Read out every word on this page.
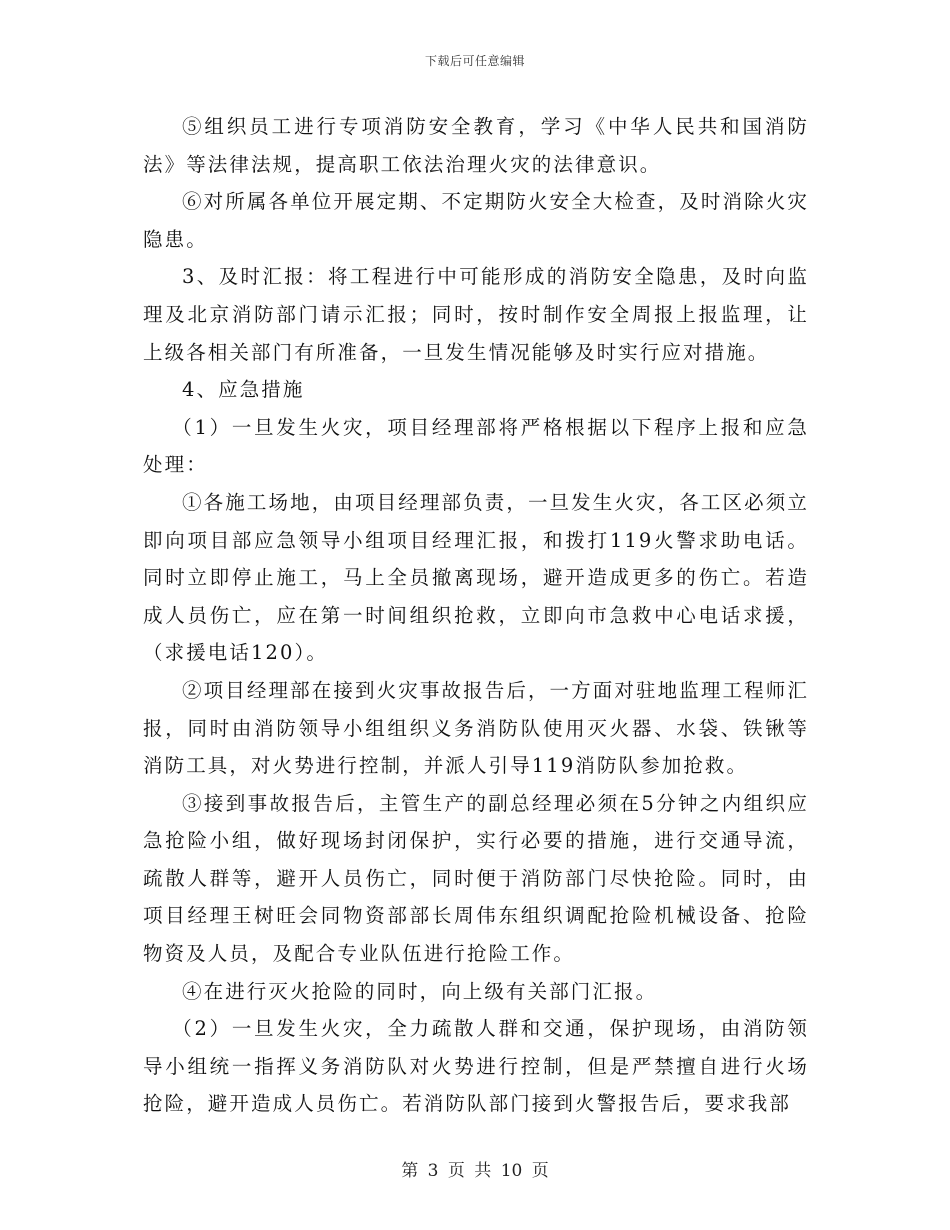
下载后可任意编辑

⑤组织员工进行专项消防安全教育，学习《中华人民共和国消防法》等法律法规，提高职工依法治理火灾的法律意识。

⑥对所属各单位开展定期、不定期防火安全大检查，及时消除火灾隐患。

3、及时汇报：将工程进行中可能形成的消防安全隐患，及时向监理及北京消防部门请示汇报；同时，按时制作安全周报上报监理，让上级各相关部门有所准备，一旦发生情况能够及时实行应对措施。

4、应急措施

（1）一旦发生火灾，项目经理部将严格根据以下程序上报和应急处理：

①各施工场地，由项目经理部负责，一旦发生火灾，各工区必须立即向项目部应急领导小组项目经理汇报，和拨打119火警求助电话。同时立即停止施工，马上全员撤离现场，避开造成更多的伤亡。若造成人员伤亡，应在第一时间组织抢救，立即向市急救中心电话求援，（求援电话120）。

②项目经理部在接到火灾事故报告后，一方面对驻地监理工程师汇报，同时由消防领导小组组织义务消防队使用灭火器、水袋、铁锹等消防工具，对火势进行控制，并派人引导119消防队参加抢救。

③接到事故报告后，主管生产的副总经理必须在5分钟之内组织应急抢险小组，做好现场封闭保护，实行必要的措施，进行交通导流，疏散人群等，避开人员伤亡，同时便于消防部门尽快抢险。同时，由项目经理王树旺会同物资部部长周伟东组织调配抢险机械设备、抢险物资及人员，及配合专业队伍进行抢险工作。

④在进行灭火抢险的同时，向上级有关部门汇报。

（2）一旦发生火灾，全力疏散人群和交通，保护现场，由消防领导小组统一指挥义务消防队对火势进行控制，但是严禁擅自进行火场抢险，避开造成人员伤亡。若消防队部门接到火警报告后，要求我部

第 3 页 共 10 页
